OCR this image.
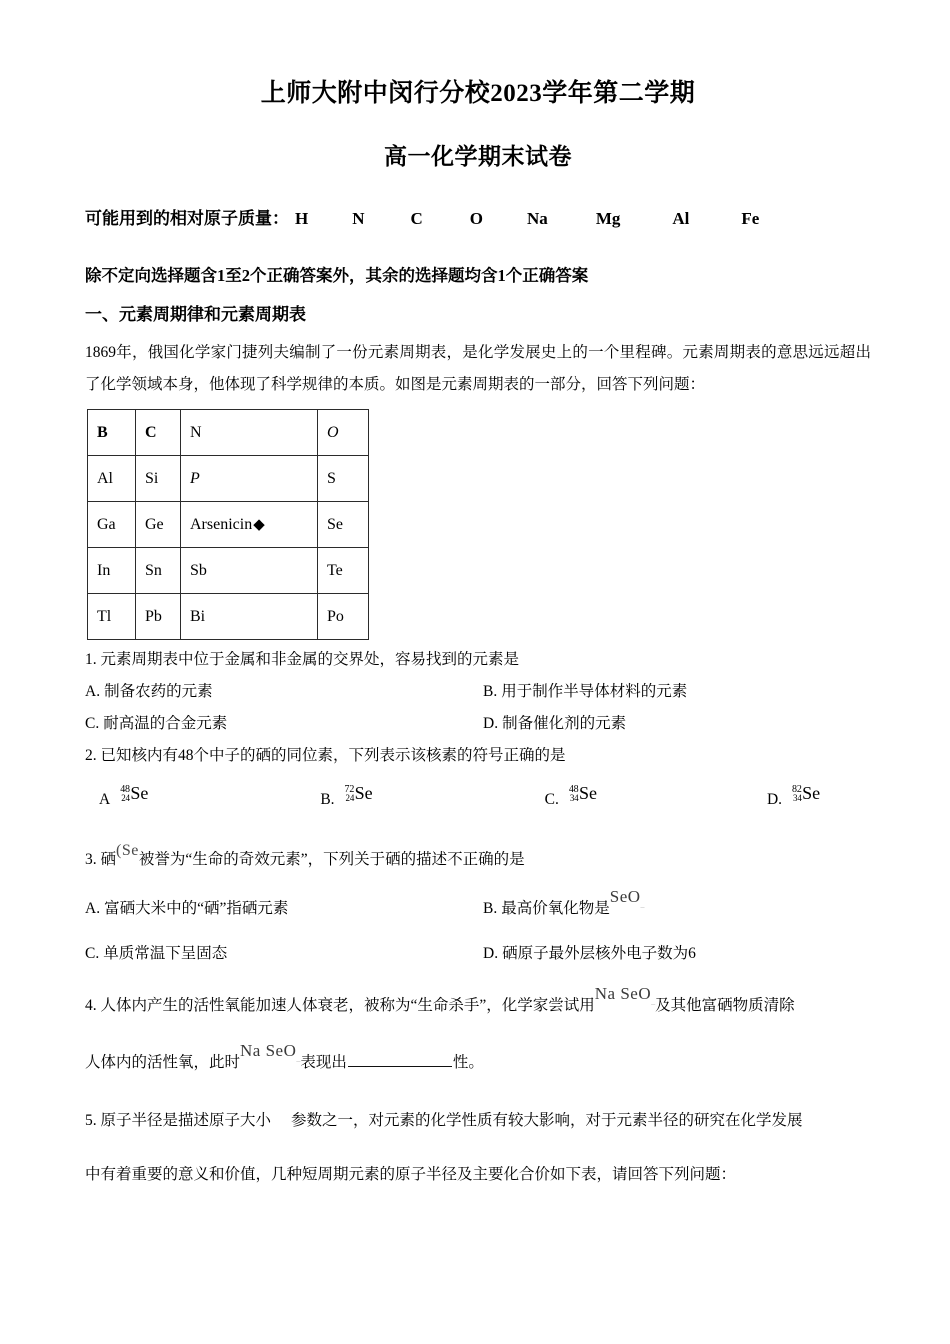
上师大附中闵行分校2023学年第二学期
高一化学期末试卷
可能用到的相对原子质量： H	N	C	O	Na	Mg	Al	Fe
除不定向选择题含1至2个正确答案外，其余的选择题均含1个正确答案
一、元素周期律和元素周期表
1869年，俄国化学家门捷列夫编制了一份元素周期表，是化学发展史上的一个里程碑。元素周期表的意思远远超出了化学领域本身，他体现了科学规律的本质。如图是元素周期表的一部分，回答下列问题：
B	C	N	O
Al	Si	P	S
Ga	Ge	Arsenicin◆	Se
In	Sn	Sb	Te
Tl	Pb	Bi	Po
1. 元素周期表中位于金属和非金属的交界处，容易找到的元素是
A. 制备农药的元素	B. 用于制作半导体材料的元素
C. 耐高温的合金元素	D. 制备催化剂的元素
2. 已知核内有48个中子的硒的同位素，下列表示该核素的符号正确的是
A
48
24 Se	B.
72
24 Se	C.
48
34 Se	D.
82
34 Se
3. 硒(Se被誉为“生命的奇效元素”，下列关于硒的描述不正确的是
A. 富硒大米中的“硒”指硒元素	B. 最高价氧化物是SeO_
C. 单质常温下呈固态	D. 硒原子最外层核外电子数为6
4. 人体内产生的活性氧能加速人体衰老，被称为“生命杀手”，化学家尝试用Na SeO_及其他富硒物质清除
人体内的活性氧，此时Na SeO_表现出	性。
5. 原子半径是描述原子大小 参数之一，对元素的化学性质有较大影响，对于元素半径的研究在化学发展
中有着重要的意义和价值，几种短周期元素的原子半径及主要化合价如下表，请回答下列问题：
